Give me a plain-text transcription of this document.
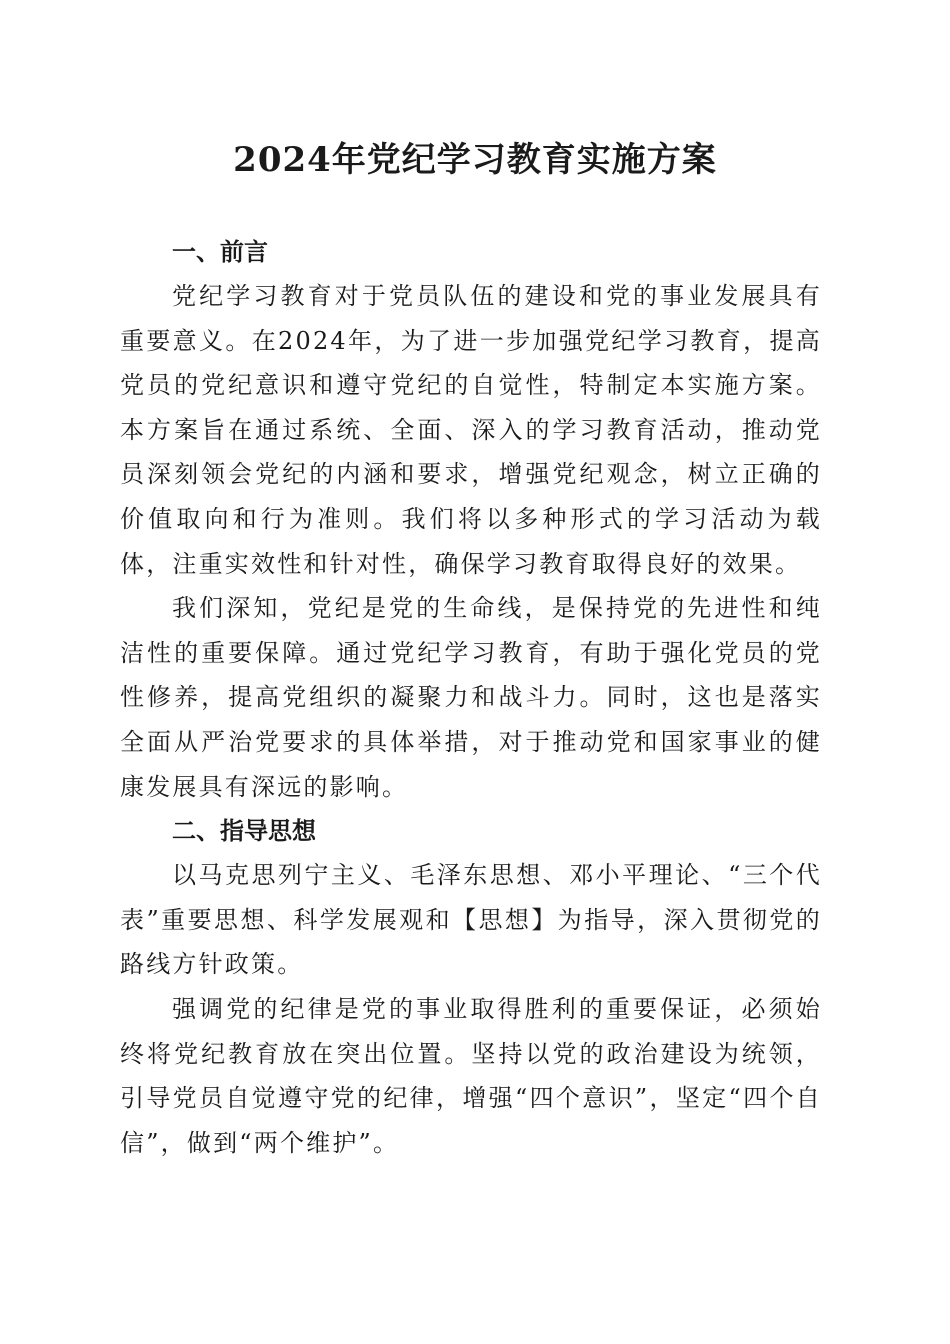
2024年党纪学习教育实施方案
一、前言

党纪学习教育对于党员队伍的建设和党的事业发展具有重要意义。在2024年，为了进一步加强党纪学习教育，提高党员的党纪意识和遵守党纪的自觉性，特制定本实施方案。本方案旨在通过系统、全面、深入的学习教育活动，推动党员深刻领会党纪的内涵和要求，增强党纪观念，树立正确的价值取向和行为准则。我们将以多种形式的学习活动为载体，注重实效性和针对性，确保学习教育取得良好的效果。

我们深知，党纪是党的生命线，是保持党的先进性和纯洁性的重要保障。通过党纪学习教育，有助于强化党员的党性修养，提高党组织的凝聚力和战斗力。同时，这也是落实全面从严治党要求的具体举措，对于推动党和国家事业的健康发展具有深远的影响。

二、指导思想

以马克思列宁主义、毛泽东思想、邓小平理论、“三个代表”重要思想、科学发展观和【思想】为指导，深入贯彻党的路线方针政策。

强调党的纪律是党的事业取得胜利的重要保证，必须始终将党纪教育放在突出位置。坚持以党的政治建设为统领，引导党员自觉遵守党的纪律，增强“四个意识”，坚定“四个自信”，做到“两个维护”。
